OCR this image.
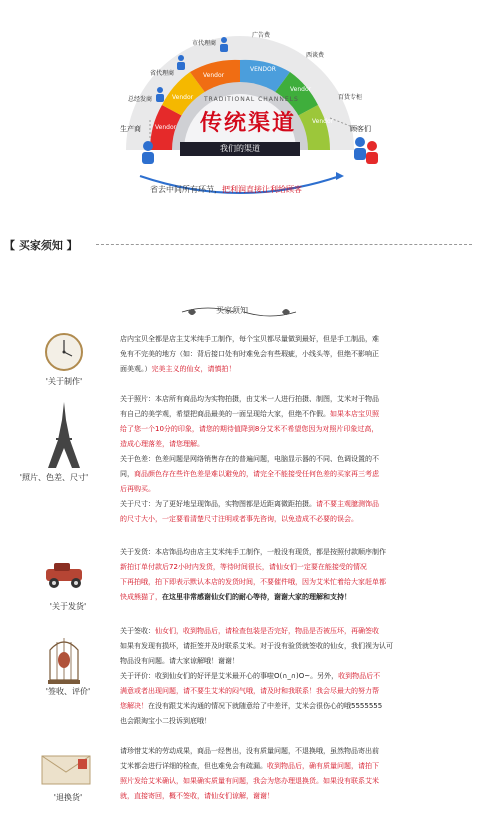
生产商
总经发商
省代理商
市代理商
广告费
西谈费
百货专柜
顾客们
Vendor
Vendor
Vendor
VENDOR
Vendor
Vendor
TRADITIONAL CHANNELS
传统渠道
我们的渠道
省去中间所有环节，把利润直接让利给顾客
【 买家须知 】
买家须知
'关于制作'
店内宝贝全都是店主艾米纯手工制作，每个宝贝都尽量做到最好，但是手工制品，难
免有不完美的地方（如：背后接口处有时难免会有些瑕疵，小线头等，但绝不影响正
面美观。）完美主义的仙女，请慎拍！
'照片、色差、尺寸'
关于照片：本店所有商品均为实物拍摄，由艾米一人进行拍摄、制图，艾米对于物品
有自己的美学观，希望把商品最美的一面呈现给大家，但绝不作假。如果本店宝贝照
给了您一个10分的印象，请您的期待值降到8分艾米不希望您因为对照片印象过高，
造成心理落差，请您理解。
关于色差：色差问题是网络销售存在的普遍问题，电脑显示器的不同、色调设置的不
同，商品颜色存在些许色差是难以避免的，请完全不能接受任何色差的买家再三考虑
后再购买。
关于尺寸：为了更好地呈现饰品，实物图都是近距离微距拍摄。请不要主观臆测饰品
的尺寸大小，一定要看清楚尺寸注明或者事先咨询，以免造成不必要的误会。
'关于发货'
关于发货：本店饰品均由店主艾米纯手工制作，一般没有现货，都是按照付款顺序制作
新拍订单付款后72小时内发货，等待时间很长，请仙女们一定要在能接受的情况
下再拍哦，拍下即表示默认本店的发货时间，不要催件哦，因为艾米忙着给大家赶单都
快成熊猫了，在这里非常感谢仙女们的耐心等待，谢谢大家的理解和支持！
'签收、评价'
关于签收：仙女们，收到物品后，请检查包装是否完好，物品是否被压坏，再确签收
如果有发现有损坏，请拒签并及时联系艾米。对于没有验货就签收的仙女，我们视为认可
物品没有问题。请大家谅解哦！谢谢！
关于评价：收到仙女们的好评是艾米最开心的事啦O(∩_∩)O~。另外，收到物品后不
满意或者出现问题，请不要生艾米的闷气哦，请及时和我联系！我会尽最大的努力帮
您解决！在没有跟艾米沟通的情况下就随意给了中差评，艾米会很伤心的哦5555555
也会跟淘宝小二投诉到底哦！
'退换货'
请珍惜艾米的劳动成果，商品一经售出，没有质量问题，不退换哦，虽然物品寄出前
艾米都会进行详细的检查，但也难免会有疏漏。收到物品后，确有质量问题，请拍下
照片发给艾米确认，如果确实质量有问题，我会为您办理退换货。如果没有联系艾米
就，直接寄回，概不签收，请仙女们谅解，谢谢！
